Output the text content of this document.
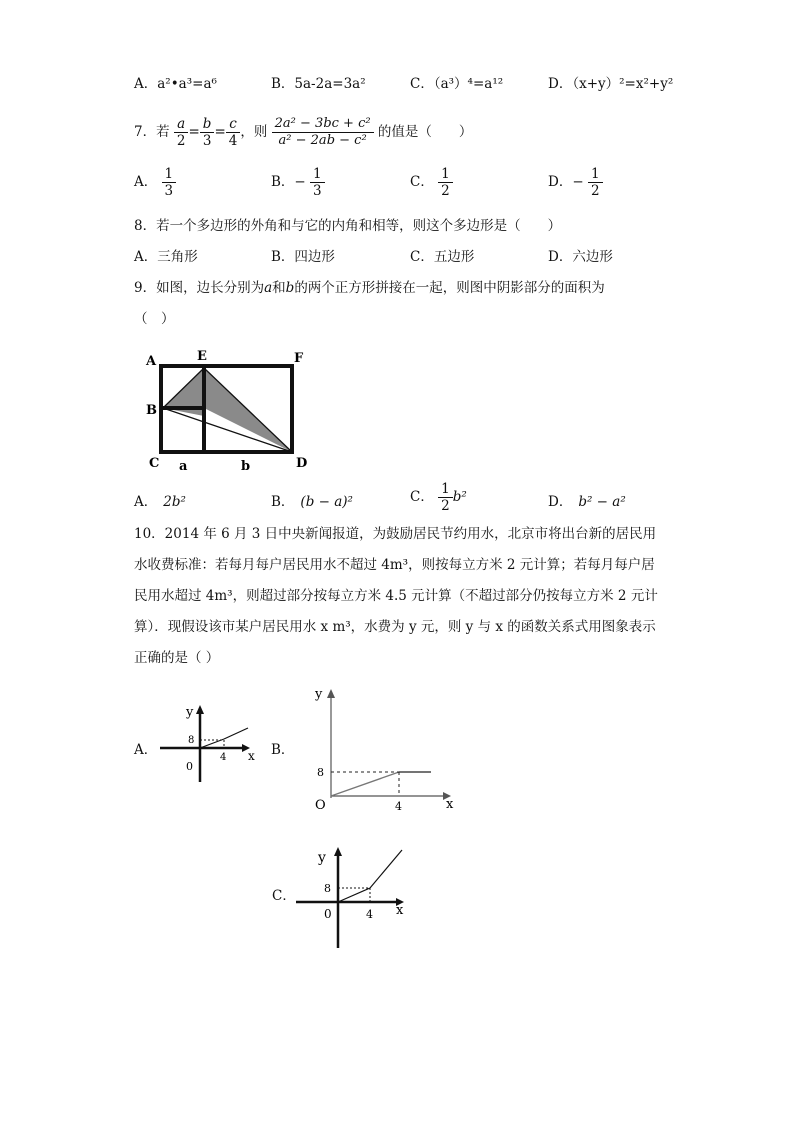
A．a²•a³=a⁶	B．5a-2a=3a²	C．（a³）⁴=a¹²	D．（x+y）²=x²+y²
7．若 $\frac{a}{2} = \frac{b}{3} = \frac{c}{4}$ ，则 $\frac{\text{2a² − 3bc + c²}}{\text{a² − 2ab − c²}}$ 的值是（　　）
A． $\frac{1}{3}$	B．− $\frac{1}{3}$	C． $\frac{1}{2}$	D．− $\frac{1}{2}$
8．若一个多边形的外角和与它的内角和相等，则这个多边形是（　　）
A．三角形	B．四边形	C．五边形	D．六边形
9．如图，边长分别为a和b的两个正方形拼接在一起，则图中阴影部分的面积为
（　）
A	E	F
B
C	D
a	b
A． 2b²	B． (b − a)²	C． $\frac{1}{2} b^2$	D． b² − a²
10．2014 年 6 月 3 日中央新闻报道，为鼓励居民节约用水，北京市将出台新的居民用
水收费标准：若每月每户居民用水不超过 4m³，则按每立方米 2 元计算；若每月每户居
民用水超过 4m³，则超过部分按每立方米 4.5 元计算（不超过部分仍按每立方米 2 元计
算）．现假设该市某户居民用水 x m³，水费为 y 元，则 y 与 x 的函数关系式用图象表示
正确的是（ ）
A．
y
x
8
4
0
B．
y
x
8
4
O
C．
y
x
8
4
0
